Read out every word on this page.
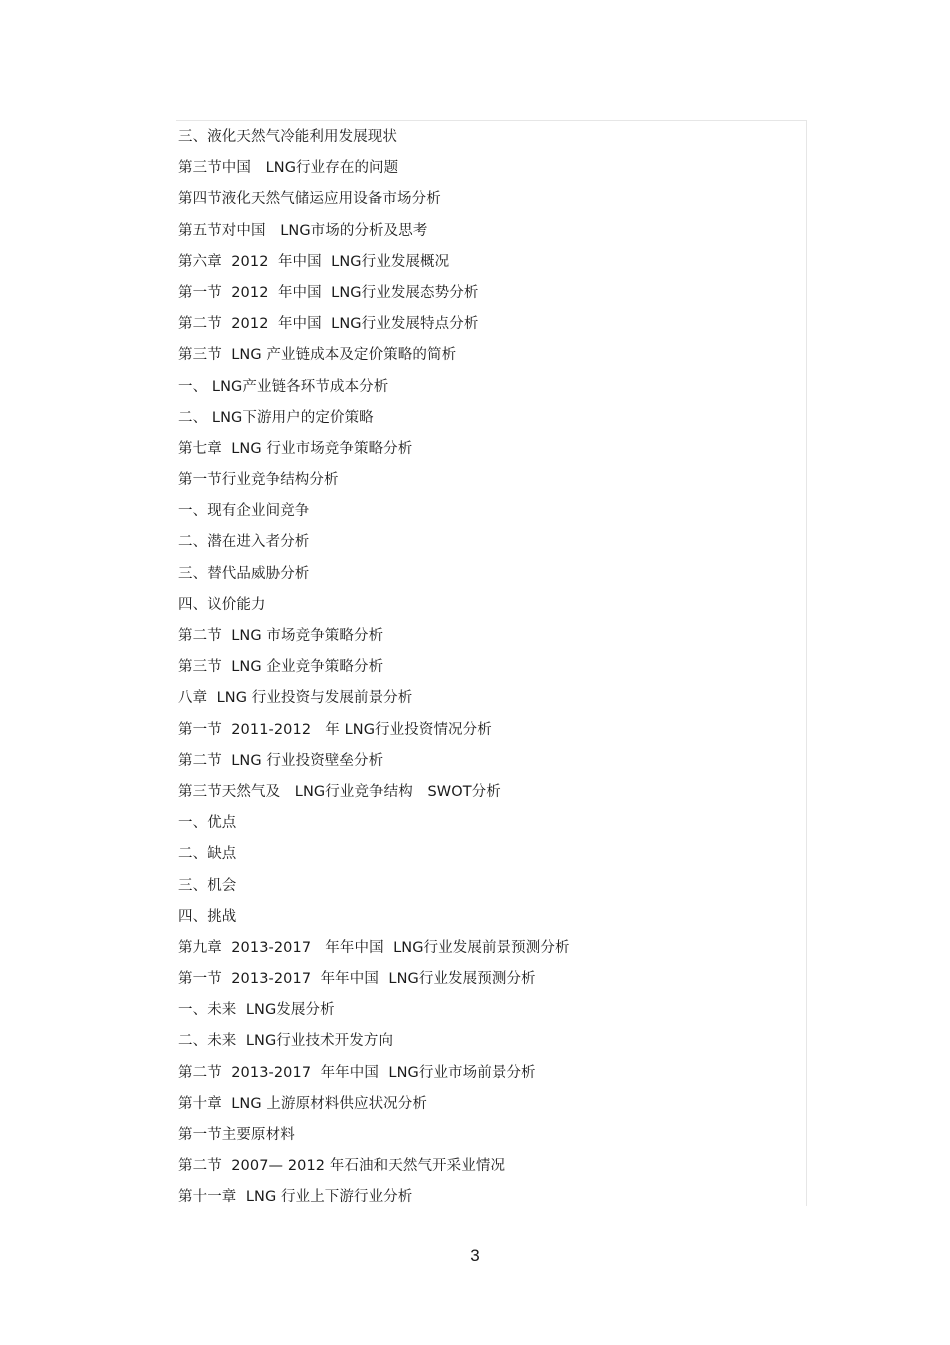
三、液化天然气冷能利用发展现状
第三节中国　LNG行业存在的问题
第四节液化天然气储运应用设备市场分析
第五节对中国　LNG市场的分析及思考
第六章  2012  年中国  LNG行业发展概况
第一节  2012  年中国  LNG行业发展态势分析
第二节  2012  年中国  LNG行业发展特点分析
第三节  LNG 产业链成本及定价策略的简析
一、 LNG产业链各环节成本分析
二、 LNG下游用户的定价策略
第七章  LNG 行业市场竞争策略分析
第一节行业竞争结构分析
一、现有企业间竞争
二、潜在进入者分析
三、替代品威胁分析
四、议价能力
第二节  LNG 市场竞争策略分析
第三节  LNG 企业竞争策略分析
八章  LNG 行业投资与发展前景分析
第一节  2011-2012   年 LNG行业投资情况分析
第二节  LNG 行业投资壁垒分析
第三节天然气及　LNG行业竞争结构　SWOT分析
一、优点
二、缺点
三、机会
四、挑战
第九章  2013-2017   年年中国  LNG行业发展前景预测分析
第一节  2013-2017  年年中国  LNG行业发展预测分析
一、未来  LNG发展分析
二、未来  LNG行业技术开发方向
第二节  2013-2017  年年中国  LNG行业市场前景分析
第十章  LNG 上游原材料供应状况分析
第一节主要原材料
第二节  2007— 2012 年石油和天然气开采业情况
第十一章  LNG 行业上下游行业分析
3
